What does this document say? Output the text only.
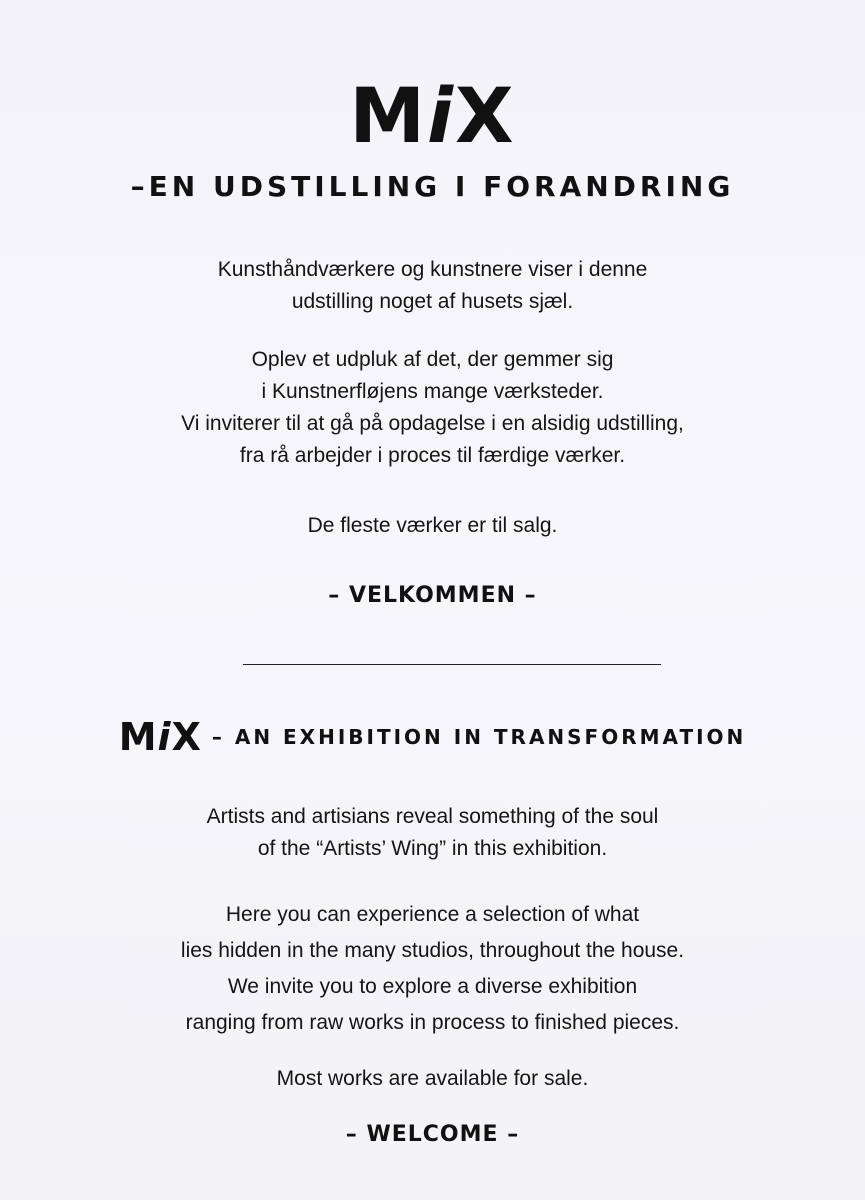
MiX
–EN UDSTILLING I FORANDRING
Kunsthåndværkere og kunstnere viser i denne
udstilling noget af husets sjæl.
Oplev et udpluk af det, der gemmer sig
i Kunstnerfløjens mange værksteder.
Vi inviterer til at gå på opdagelse i en alsidig udstilling,
fra rå arbejder i proces til færdige værker.
De fleste værker er til salg.
– VELKOMMEN –
MiX – AN EXHIBITION IN TRANSFORMATION
Artists and artisians reveal something of the soul
of the “Artists’ Wing” in this exhibition.
Here you can experience a selection of what
lies hidden in the many studios, throughout the house.
We invite you to explore a diverse exhibition
ranging from raw works in process to finished pieces.
Most works are available for sale.
– WELCOME –
